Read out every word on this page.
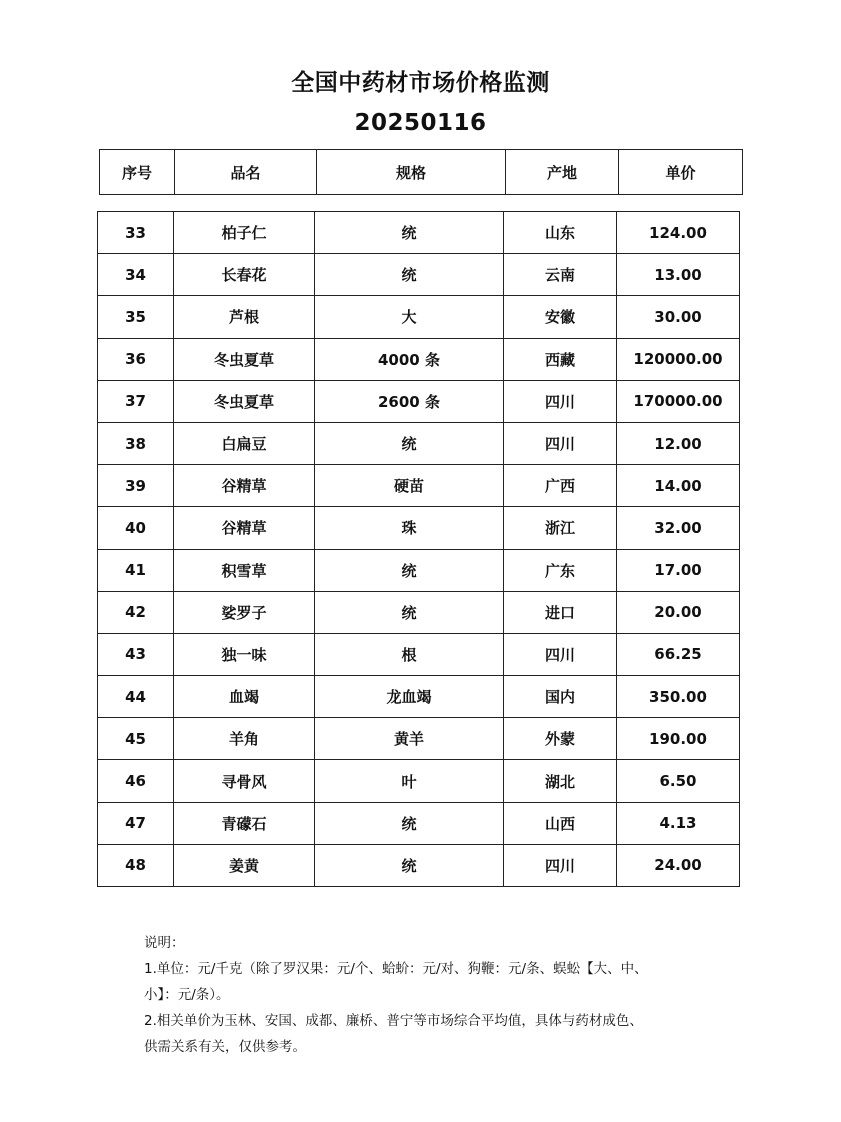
全国中药材市场价格监测
20250116
序号	品名	规格	产地	单价
33	柏子仁	统	山东	124.00
34	长春花	统	云南	13.00
35	芦根	大	安徽	30.00
36	冬虫夏草	4000 条	西藏	120000.00
37	冬虫夏草	2600 条	四川	170000.00
38	白扁豆	统	四川	12.00
39	谷精草	硬苗	广西	14.00
40	谷精草	珠	浙江	32.00
41	积雪草	统	广东	17.00
42	娑罗子	统	进口	20.00
43	独一味	根	四川	66.25
44	血竭	龙血竭	国内	350.00
45	羊角	黄羊	外蒙	190.00
46	寻骨风	叶	湖北	6.50
47	青礞石	统	山西	4.13
48	姜黄	统	四川	24.00
说明：
1.单位：元/千克（除了罗汉果：元/个、蛤蚧：元/对、狗鞭：元/条、蜈蚣【大、中、
小】：元/条）。
2.相关单价为玉林、安国、成都、廉桥、普宁等市场综合平均值，具体与药材成色、
供需关系有关，仅供参考。
